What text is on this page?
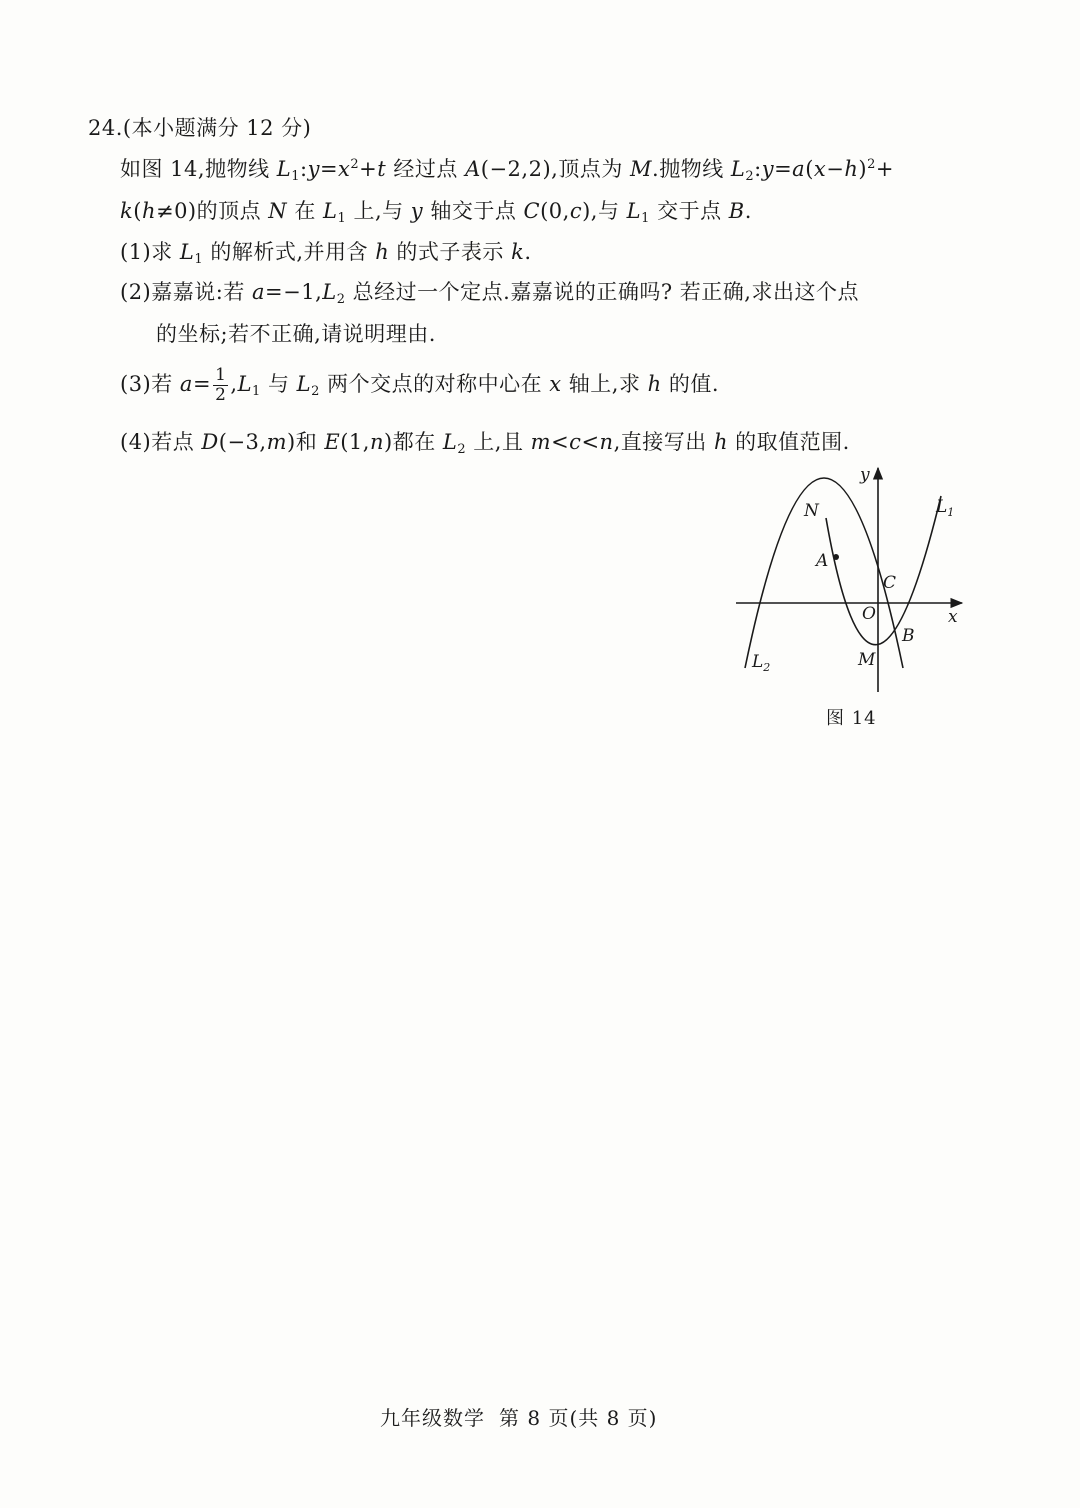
24.(本小题满分 12 分)
如图 14,抛物线 $L_1:y=x^2+t$ 经过点 A(−2,2),顶点为 M.抛物线 $L_2:y=a(x-h)^2+$
k(h≠0)的顶点 N 在 $L_1$ 上,与 y 轴交于点 C(0,c),与 $L_1$ 交于点 B.
(1)求 $L_1$ 的解析式,并用含 h 的式子表示 k.
(2)嘉嘉说:若 $a=-1,L_2$ 总经过一个定点.嘉嘉说的正确吗? 若正确,求出这个点
的坐标;若不正确,请说明理由.
(3)若 $a= \frac{1}{2} ,L_1$ 与 $L_2$ 两个交点的对称中心在 x 轴上,求 h 的值.
(4)若点 D(−3,m)和 E(1,n)都在 $L_2$ 上,且 m<c<n,直接写出 h 的取值范围.
y
x
O
N
A
C
B
M
$L_1$
$L_2$
图 14
九年级数学 第 8 页(共 8 页)
